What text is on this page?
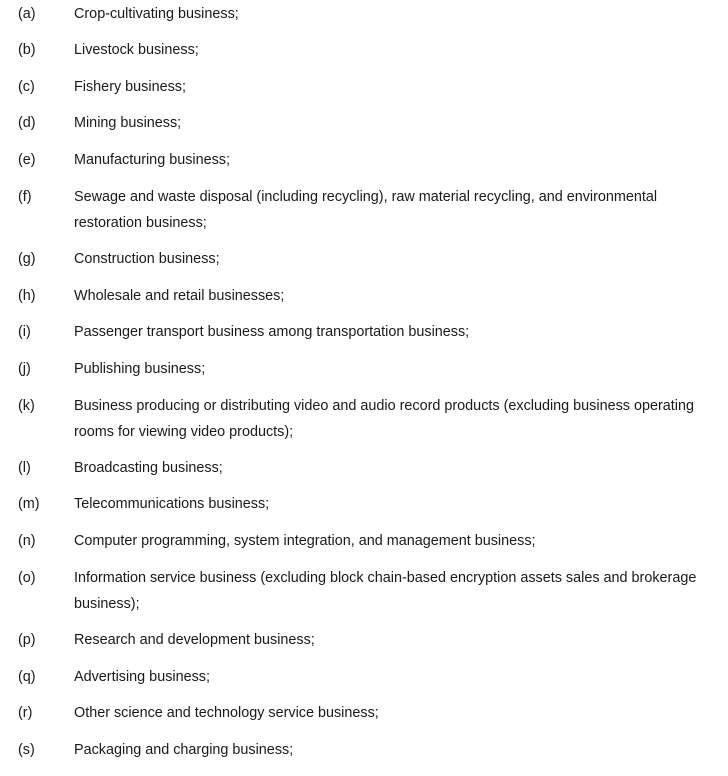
(a)	Crop-cultivating business;
(b)	Livestock business;
(c)	Fishery business;
(d)	Mining business;
(e)	Manufacturing business;
(f)	Sewage and waste disposal (including recycling), raw material recycling, and environmental restoration business;
(g)	Construction business;
(h)	Wholesale and retail businesses;
(i)	Passenger transport business among transportation business;
(j)	Publishing business;
(k)	Business producing or distributing video and audio record products (excluding business operating rooms for viewing video products);
(l)	Broadcasting business;
(m) Telecommunications business;
(n)	Computer programming, system integration, and management business;
(o)	Information service business (excluding block chain-based encryption assets sales and brokerage business);
(p)	Research and development business;
(q)	Advertising business;
(r)	Other science and technology service business;
(s)	Packaging and charging business;
